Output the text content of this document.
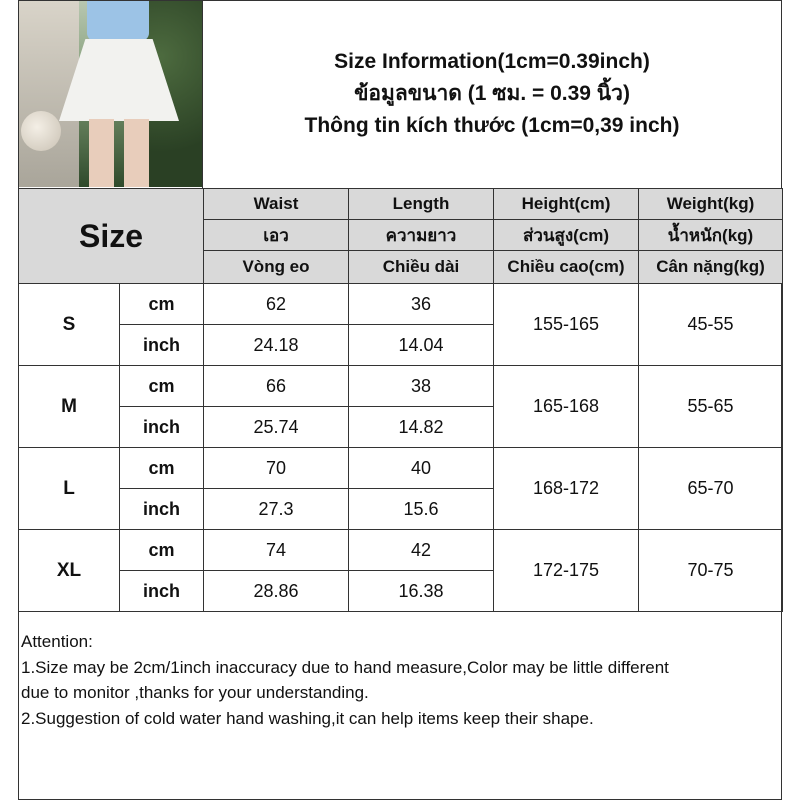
Size Information(1cm=0.39inch)
ข้อมูลขนาด (1 ซม. = 0.39 นิ้ว)
Thông tin kích thước (1cm=0,39 inch)
Size		Waist	Length	Height(cm)	Weight(kg)
		เอว	ความยาว	ส่วนสูง(cm)	น้ำหนัก(kg)
		Vòng eo	Chiều dài	Chiều cao(cm)	Cân nặng(kg)
S	cm	62	36	155-165	45-55
	inch	24.18	14.04		
M	cm	66	38	165-168	55-65
	inch	25.74	14.82		
L	cm	70	40	168-172	65-70
	inch	27.3	15.6		
XL	cm	74	42	172-175	70-75
	inch	28.86	16.38		
Attention:
1.Size may be 2cm/1inch inaccuracy due to hand measure,Color may be little different
due to monitor ,thanks for your understanding.
2.Suggestion of cold water hand washing,it can help items keep their shape.
